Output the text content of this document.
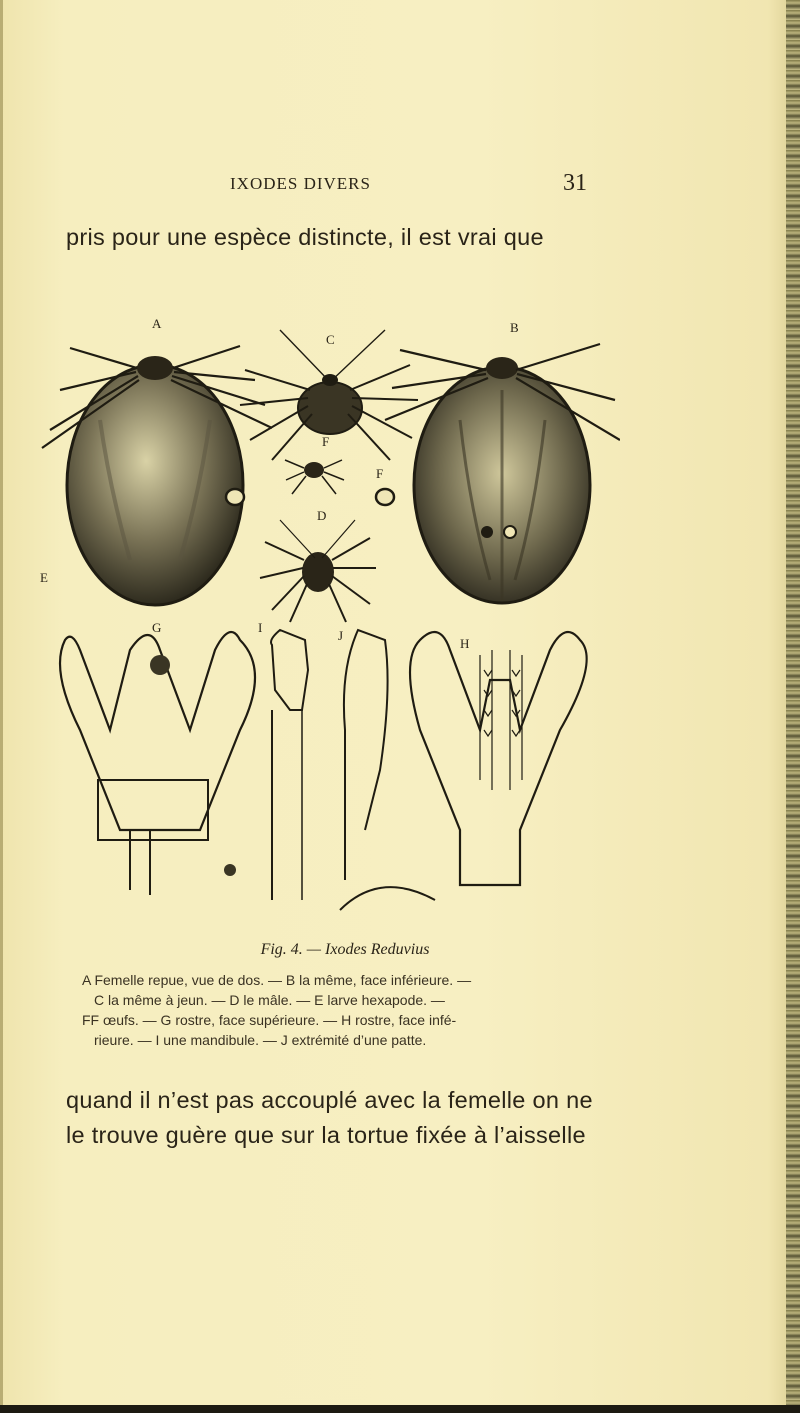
IXODES DIVERS	31
pris pour une espèce distincte, il est vrai que
A	B
C
D
E
F
F
G
H
I
J
Fig. 4. — Ixodes Reduvius
A Femelle repue, vue de dos. — B la même, face inférieure. —
C la même à jeun. — D le mâle. — E larve hexapode. —
FF œufs. — G rostre, face supérieure. — H rostre, face infé-
rieure. — I une mandibule. — J extrémité d’une patte.
quand il n’est pas accouplé avec la femelle on ne
le trouve guère que sur la tortue fixée à l’aisselle
